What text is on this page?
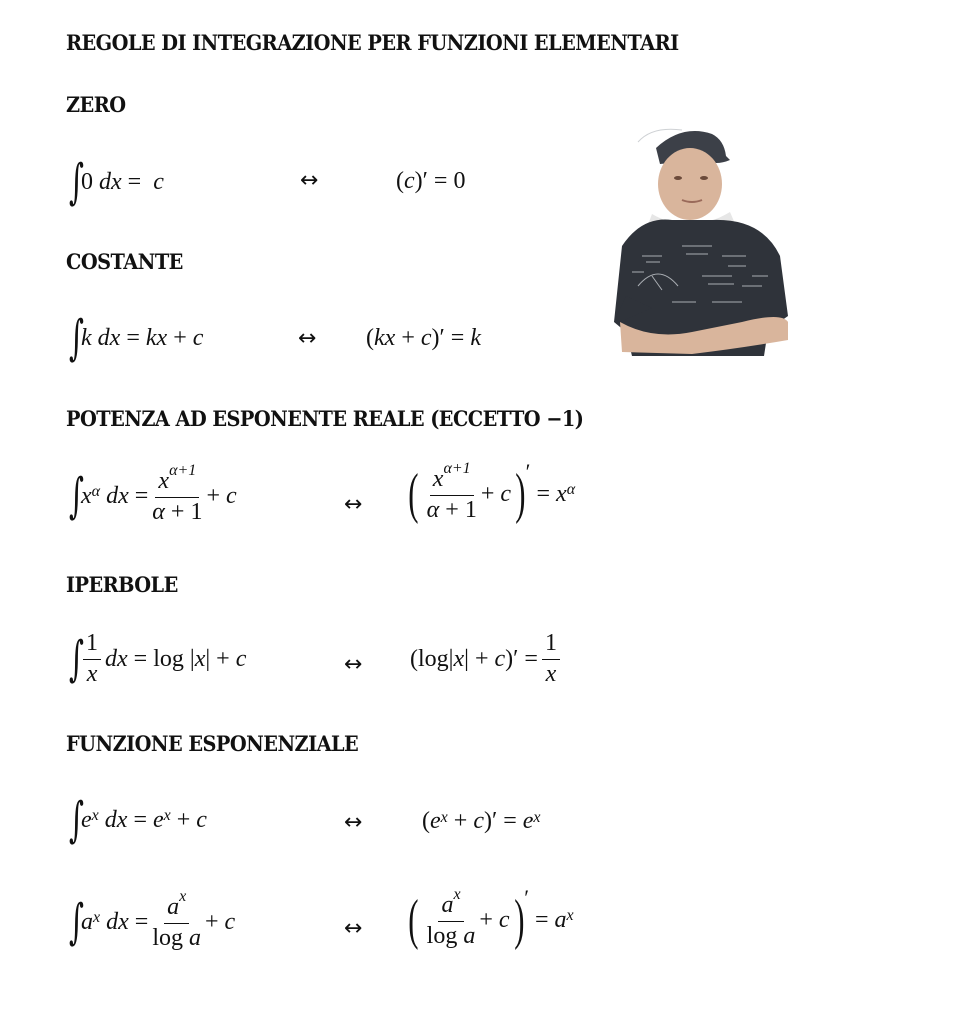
REGOLE DI INTEGRAZIONE PER FUNZIONI ELEMENTARI
ZERO
∫
0
dx
=
c	↔	( c ) ′
=
0
COSTANTE
∫
k
dx
=
kx
+
c	↔ ( kx
+
c ) ′
=
k
POTENZA AD ESPONENTE REALE (ECCETTO −1)
∫
x α
dx
= $\frac{x^{\alpha+1}}{\alpha + 1}$ +
c	↔ ( $\frac{x^{\alpha+1}}{\alpha + 1}$ +
c ) ′

=
x α
IPERBOLE
∫ $\frac{1}{x}$ dx
=
log | x | +
c	↔ ( log | x | +
c ) ′
= $\frac{1}{x}$
FUNZIONE ESPONENZIALE
∫
e x
dx
=
e x
+
c	↔ ( e x
+
c ) ′
=
e x
∫
a x
dx
= $\frac{a^x}{\text{log a}}$ +
c	↔ ( $\frac{a^x}{\text{log a}}$ +
c ) ′

=
a x
